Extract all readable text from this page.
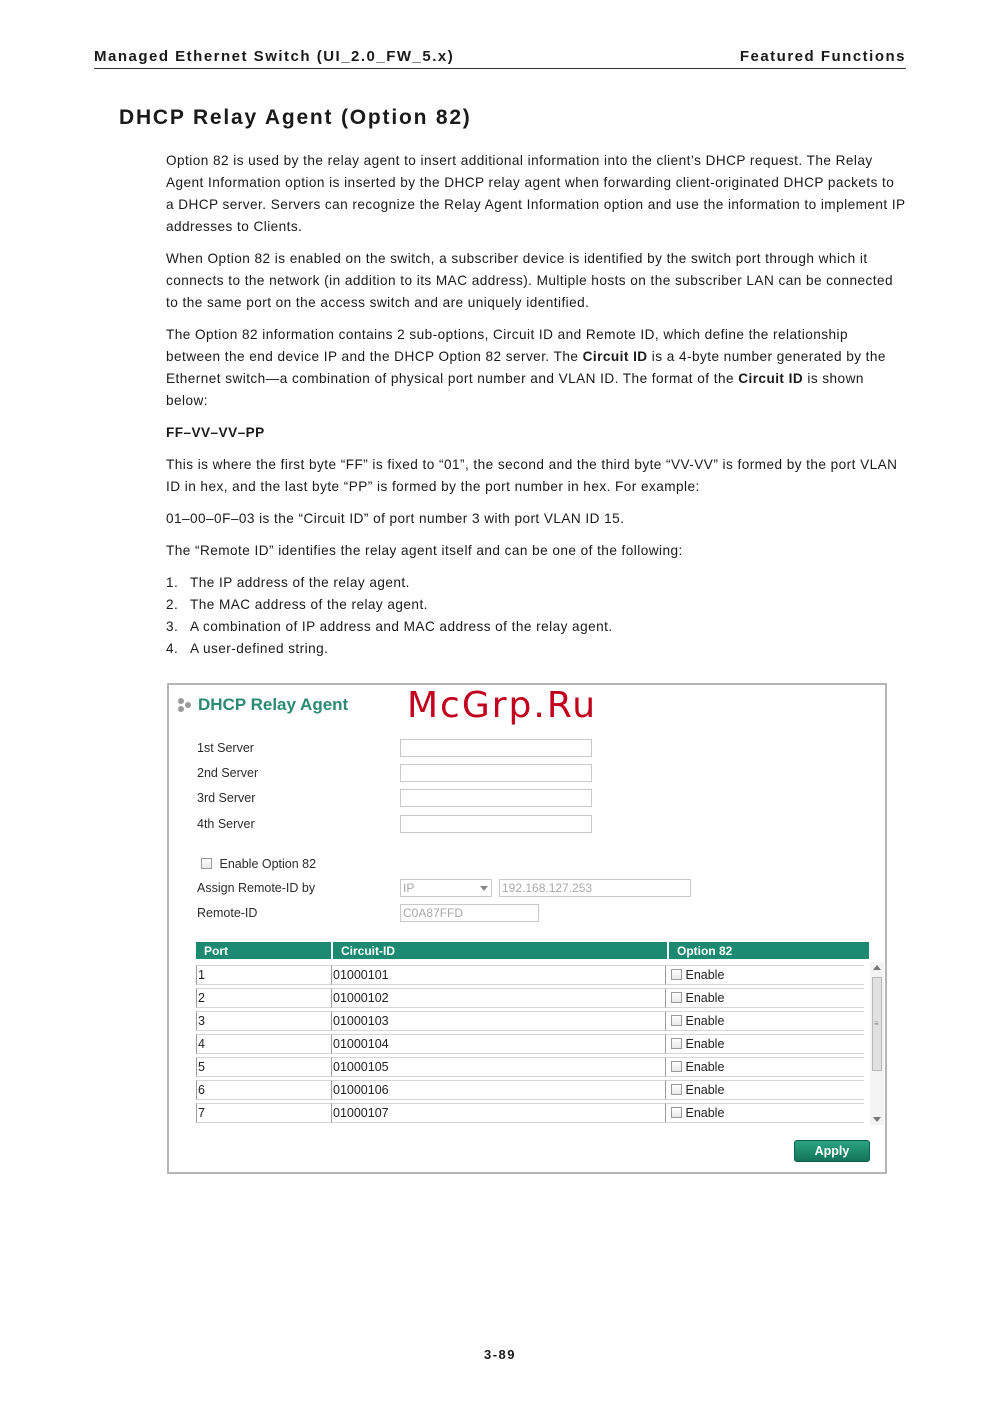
Managed Ethernet Switch (UI_2.0_FW_5.x)	Featured Functions
DHCP Relay Agent (Option 82)

Option 82 is used by the relay agent to insert additional information into the client’s DHCP request. The Relay Agent Information option is inserted by the DHCP relay agent when forwarding client-originated DHCP packets to a DHCP server. Servers can recognize the Relay Agent Information option and use the information to implement IP addresses to Clients.

When Option 82 is enabled on the switch, a subscriber device is identified by the switch port through which it connects to the network (in addition to its MAC address). Multiple hosts on the subscriber LAN can be connected to the same port on the access switch and are uniquely identified.

The Option 82 information contains 2 sub-options, Circuit ID and Remote ID, which define the relationship between the end device IP and the DHCP Option 82 server. The Circuit ID is a 4-byte number generated by the Ethernet switch—a combination of physical port number and VLAN ID. The format of the Circuit ID is shown below:

FF–VV–VV–PP

This is where the first byte “FF” is fixed to “01”, the second and the third byte “VV-VV” is formed by the port VLAN ID in hex, and the last byte “PP” is formed by the port number in hex. For example:

01–00–0F–03 is the “Circuit ID” of port number 3 with port VLAN ID 15.

The “Remote ID” identifies the relay agent itself and can be one of the following:

1. The IP address of the relay agent.
2. The MAC address of the relay agent.
3. A combination of IP address and MAC address of the relay agent.
4. A user-defined string.
DHCP Relay Agent McGrp.Ru
1st Server
2nd Server
3rd Server
4th Server
Enable Option 82
Assign Remote-ID by	IP	192.168.127.253
Remote-ID	C0A87FFD
Port	Circuit-ID	Option 82
1	01000101	Enable
2	01000102	Enable
3	01000103	Enable
4	01000104	Enable
5	01000105	Enable
6	01000106	Enable
7	01000107	Enable
≡
Apply
3-89
